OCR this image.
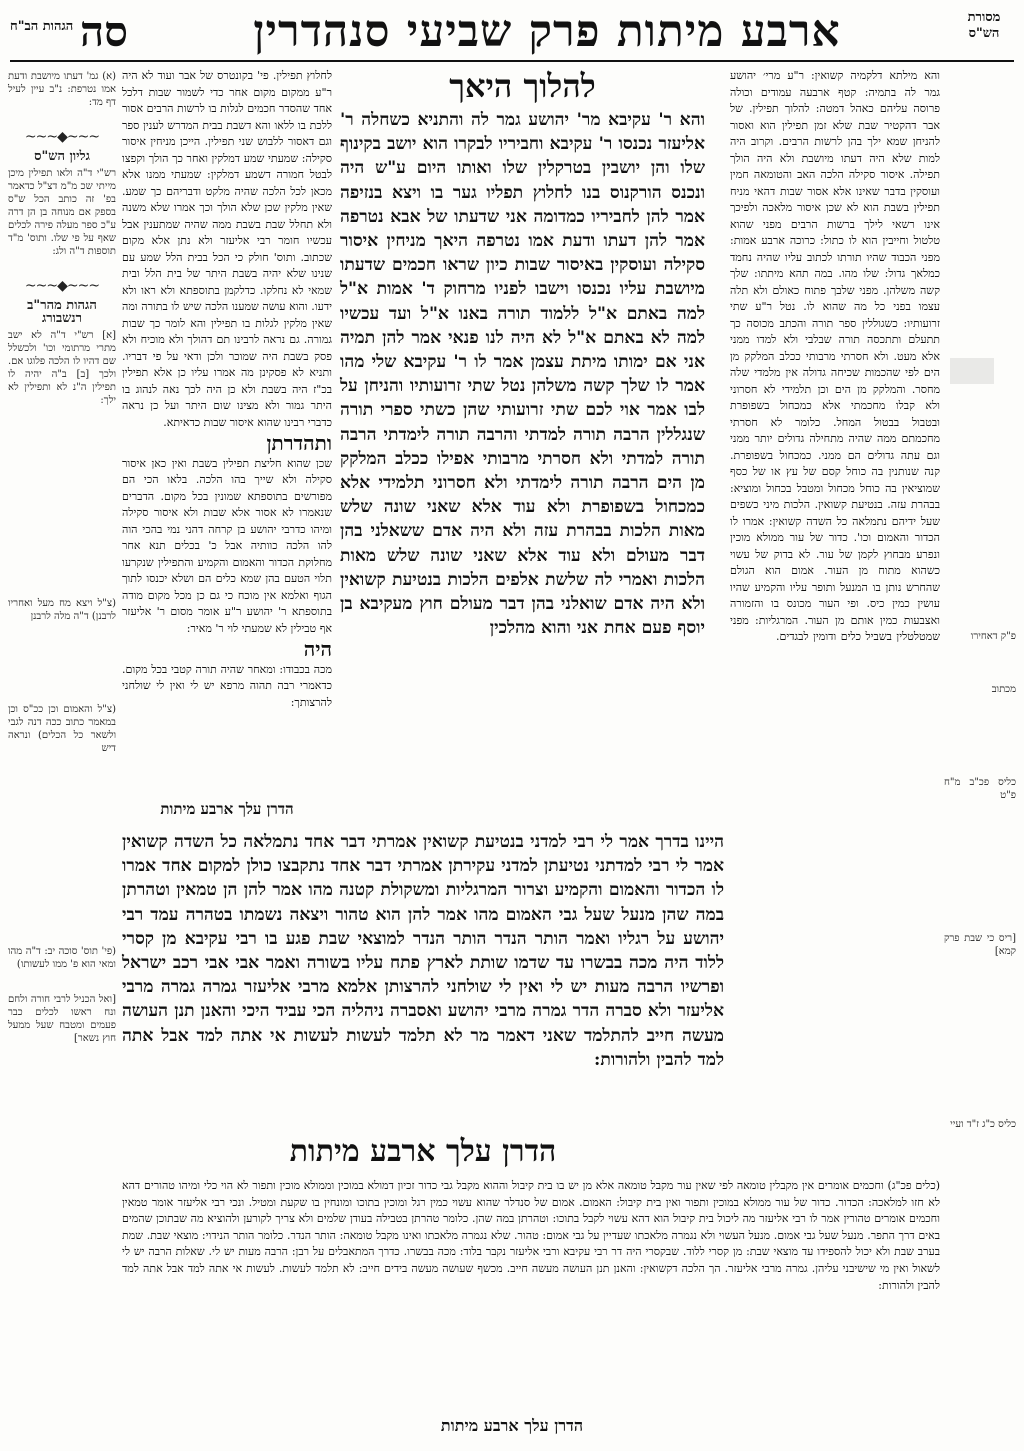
מסורת הש"ס
ארבע מיתות פרק שביעי סנהדרין
סה
הגהות הב"ח
פ"ק דאחירו
מכתוב
כליס פכ"ב מ"ח פ"ט
[ריס כי שבת פרק קמא]
כליס כ"ג ז"ד ועיי
(א) גמ' דעתו מיושבת ודעת אמו נטרפת: נ"ב עיין לעיל דף מד:
~~~◆~~~
גליון הש"ס
רש"י ד"ה ולאו תפילין מיכן מייתי שכ מ"מ דצ"ל כדאמר בפ' זה כותב הכל ש"ס בספק אם מנוחה בן הן דרה ע"כ ספר מעלה פירה לכלים שאף על פי שלו. ותוס' מ"ד תוספות ד"ה ולג:
~~~◆~~~
הגהות מהר"ב רנשבורג
[א] רש"י ד"ה לא ישב מתרי מרתומי וכו' ולכשלל שם דהיו לו הלכה פלוגו אם. ולכך [ב] ב"ה יהיה לו תפילין ה"נ לא ותפילין לא ילך:
(צ"ל ויצא מח מעל ואחריו לרבנן) ד"ה מלה לרבנן
(צ"ל והאמום וכן ככ"ס וכן במאמר כתוב ככה דנה לגבי ולשאר כל הכלים) ונראה דיש
(פי' תוס' סוכה יב: ד"ה מהו ומאי הוא פ' ממו לעשותו)
[ואל הכניל לרבי חורה ולחם ונח ראשו לכלים כבר פעמים ומטבח שעל ממעל חוץ נשאר]
והא מילתא דלקמיה קשואין: ר"ע מרי׳ יהושע גמר לה בתמיה: קטף ארבעה עמודים וכולה פרוסה עליהם כאהל דמטה: להלוך תפילין. של אבר דהקטיר שבת שלא זמן תפילין הוא ואסור להניחן שמא ילך בהן לרשות הרבים. וקרוב היה למות שלא היה דעתו מיושבת ולא היה הולך תפילה. איסור סקילה הלכה האב והטומאה חמין ועוסקין בדבר שאינו אלא אסור שבות דהאי מניח תפילין בשבת הוא לא שכן איסור מלאכה ולפיכך אינו רשאי לילך ברשות הרבים מפני שהוא טלטול וחייבין הוא לו כתול: כרוכה ארבע אמות: מפני הכבוד שהיו תורתו לכתוב עליו שהיה נחמד כמלאך גדול: שלו מהו. במה תהא מיתתו: שלך קשה משלהן. מפני שלבך פתוח כאולם ולא תלה עצמו בפני כל מה שהוא לו. נטל ר"ע שתי זרועותיו: כשגוללין ספר תורה והכתב מכוסה כך תתעלם ותתכסה תורה שבלבי ולא למדו ממני אלא מעט. ולא חסרתי מרבותי ככלב המלקק מן הים לפי שהכמות שכיחה גדולה אין מלמדי שלה מחסר. והמלקק מן הים וכן תלמידי לא חסרוני ולא קבלו מחכמתי אלא כמכחול בשפופרת ובטבול בבטול המחל. כלומר לא חסרתי מחכמתם ממה שהיה מתחילה גדולים יותר ממני וגם עתה גדולים הם ממני. כמכחול בשפופרת. קנה שנותנין בה כוחל קסם של עץ או של כסף שמוציאין בה כוחל מכחול ומטבל בכחול ומוציא: בבהרת עזה. בנטיעת קשואין. הלכות מיני כשפים שעל ידיהם נתמלאה כל השדה קשואין: אמרו לו הכדור והאמום וכו'. כדור של עור ממולא מוכין ונפרע מבחוץ לקמן של עור. לא בדוק של עשוי כשהוא מתוח מן העור. אמום הוא הגולם שהחרש נותן בו המנעל ותופר עליו והקמיע שהיו עושין כמין כיס. ופי העור מכונס בו והזמורה ואצבעות כמין אותם מן העור. המרגליות: מפני שמטלטלין בשביל כלים ודומין לבגדים.
להלוך היאך
והא ר' עקיבא מר' יהושע גמר לה והתניא כשחלה ר' אליעזר נכנסו ר' עקיבא וחביריו לבקרו הוא יושב בקינוף שלו והן יושבין בטרקלין שלו ואותו היום ע"ש היה ונכנס הורקנוס בנו לחלוץ תפליו גער בו ויצא בנזיפה אמר להן לחביריו כמדומה אני שדעתו של אבא נטרפה אמר להן דעתו ודעת אמו נטרפה היאך מניחין איסור סקילה ועוסקין באיסור שבות כיון שראו חכמים שדעתו מיושבת עליו נכנסו וישבו לפניו מרחוק ד' אמות א"ל למה באתם א"ל ללמוד תורה באנו א"ל ועד עכשיו למה לא באתם א"ל לא היה לנו פנאי אמר להן תמיה אני אם ימותו מיתת עצמן אמר לו ר' עקיבא שלי מהו אמר לו שלך קשה משלהן נטל שתי זרועותיו והניחן על לבו אמר אוי לכם שתי זרועותי שהן כשתי ספרי תורה שנגללין הרבה תורה למדתי והרבה תורה לימדתי הרבה תורה למדתי ולא חסרתי מרבותי אפילו ככלב המלקק מן הים הרבה תורה לימדתי ולא חסרוני תלמידי אלא כמכחול בשפופרת ולא עוד אלא שאני שונה שלש מאות הלכות בבהרת עזה ולא היה אדם ששאלני בהן דבר מעולם ולא עוד אלא שאני שונה שלש מאות הלכות ואמרי לה שלשת אלפים הלכות בנטיעת קשואין ולא היה אדם שואלני בהן דבר מעולם חוץ מעקיבא בן יוסף פעם אחת אני והוא מהלכין
לחלוץ תפילין. פי' בקונטרס של אבר ועוד לא היה ר"ע ממקום מקום אחר כדי לשמור שבות דלכל אחד שהסדר חכמים לגלות בו לרשות הרבים אסור ללכת בו ללאו והא דשבת בבית המדרש לענין ספר וגם דאסור ללבוש שני תפילין. הייכן מניחין איסור סקילה: שמעתי שמע דמלקין ואחר כך הולך וקפצו לבטל חמורה דשמע דמלקין: שמעתי ממנו אלא מכאן לכל הלכה שהיה מלקט ודבריהם כך שמע. שאין מלקין שכן שלא הולך וכך אמרו שלא משנה ולא תחלל שבת בשבת ממה שהיה שמתענין אבל עכשיו חומר רבי אליעזר ולא נתן אלא מקום שכתוב. ותוס' חולק כי הכל בבית הלל שמע עם שנינו שלא יהיה בשבת היתר של בית הלל ובית שמאי לא נחלקו. כדלקמן בתוספתא ולא ראו ולא ידעו. והוא עושה שמענו הלכה שיש לו בתורה ומה שאין מלקין לגלות בו תפילין והא לומר כך שבות גמורה. גם נראה לרבינו תם דהולך ולא מוכיח ולא פסק בשבת היה שמוכר ולכן ודאי על פי דבריו. ותניא לא פסקינן מה אמרו עליו כן אלא תפילין בכ"ז היה בשבת ולא כן היה לכך נאה לנהוג בו היתר גמור ולא מצינו שום היתר ועל כן נראה כדברי רבינו שהוא איסור שבות כדאיתא.
ותהדרתן
שכן שהוא חליצת תפילין בשבת ואין כאן איסור סקילה ולא שייך בהו הלכה. בלאו הכי הם מפורשים בתוספתא שמונין בכל מקום. הדברים שנאמרו לא אסור אלא שבות ולא איסור סקילה ומיהו כדרבי יהושע בן קרחה דהני נמי בהכי הוה להו הלכה כוותיה אבל כ' בכלים תנא אחר מחלוקת הכדור והאמום והקמיע והתפילין שנקרעו תלוי הטעם בהן שמא כלים הם ושלא יכנסו לתוך הגוף ואלמא אין מוכח כי גם כן מכל מקום מודה בתוספתא ר' יהושע ר"ע אומר מסום ר' אליעזר אף טבילין לא שמעתי לוי ר' מאיר:
היה
מכה בכבודו: ומאחר שהיה תורה קטבי בכל מקום. כדאמרי רבה תהוה מרפא יש לי ואין לי שולחני להרצותך:
הדרן עלך ארבע מיתות
היינו בדרך אמר לי רבי למדני בנטיעת קשואין אמרתי דבר אחד נתמלאה כל השדה קשואין אמר לי רבי למדתני נטיעתן למדני עקירתן אמרתי דבר אחד נתקבצו כולן למקום אחד אמרו לו הכדור והאמום והקמיע וצרור המרגליות ומשקולת קטנה מהו אמר להן הן טמאין וטהרתן במה שהן מנעל שעל גבי האמום מהו אמר להן הוא טהור ויצאה נשמתו בטהרה עמד רבי יהושע על רגליו ואמר הותר הנדר הותר הנדר למוצאי שבת פגע בו רבי עקיבא מן קסרי ללוד היה מכה בבשרו עד שדמו שותת לארץ פתח עליו בשורה ואמר אבי אבי רכב ישראל ופרשיו הרבה מעות יש לי ואין לי שולחני להרצותן אלמא מרבי אליעזר גמרה גמרה מרבי אליעזר ולא סברה הדר גמרה מרבי יהושע ואסברה ניהליה הכי עביד היכי והאנן תנן העושה מעשה חייב להתלמד שאני דאמר מר לא תלמד לעשות לעשות אי אתה למד אבל אתה למד להבין ולהורות:
הדרן עלך ארבע מיתות
(כלים פכ"ג) וחכמים אומרים אין מקבלין טומאה לפי שאין עור מקבל טומאה אלא מן יש בו בית קיבול וההוא מקבל גבי כדור זכיון דמולא במוכין וממולא מוכין ותפור לא הוי כלי ומיהו טהורים דהא לא חזו למלאכה: הכדור. כדור של עור ממולא במוכין ותפור ואין בית קיבול: האמום. אמום של סנדלר שהוא עשוי כמין רגל ומוכין בתוכו ומונחין בו שקעת ומטיל. ונכי רבי אליעזר אומר טמאין וחכמים אומרים טהורין אמר לו רבי אליעזר מה ליכול בית קיבול הוא דהא עשוי לקבל בתוכו: וטהרתן במה שהן. כלומר טהרתן בטבילה בעודן שלמים ולא צריך לקורען ולהוציא מה שבתוכן שהמים באים דרך התפר. מנעל שעל גבי אמום. מנעל העשוי ולא נגמרה מלאכתו שעדיין על גבי אמום: טהור. שלא נגמרה מלאכתו ואינו מקבל טומאה: הותר הנדר. כלומר הותר הנידוי: מוצאי שבת. שמת בערב שבת ולא יכול להספידו עד מוצאי שבת: מן קסרי ללוד. שבקסרי היה דר רבי עקיבא ורבי אליעזר נקבר בלוד: מכה בבשרו. כדרך המתאבלים על רבן: הרבה מעות יש לי. שאלות הרבה יש לי לשאול ואין מי שישיבני עליהן. גמרה מרבי אליעזר. הך הלכה דקשואין: והאנן תנן העושה מעשה חייב. מכשף שעושה מעשה בידים חייב: לא תלמד לעשות. לעשות אי אתה למד אבל אתה למד להבין ולהורות:
הדרן עלך ארבע מיתות
